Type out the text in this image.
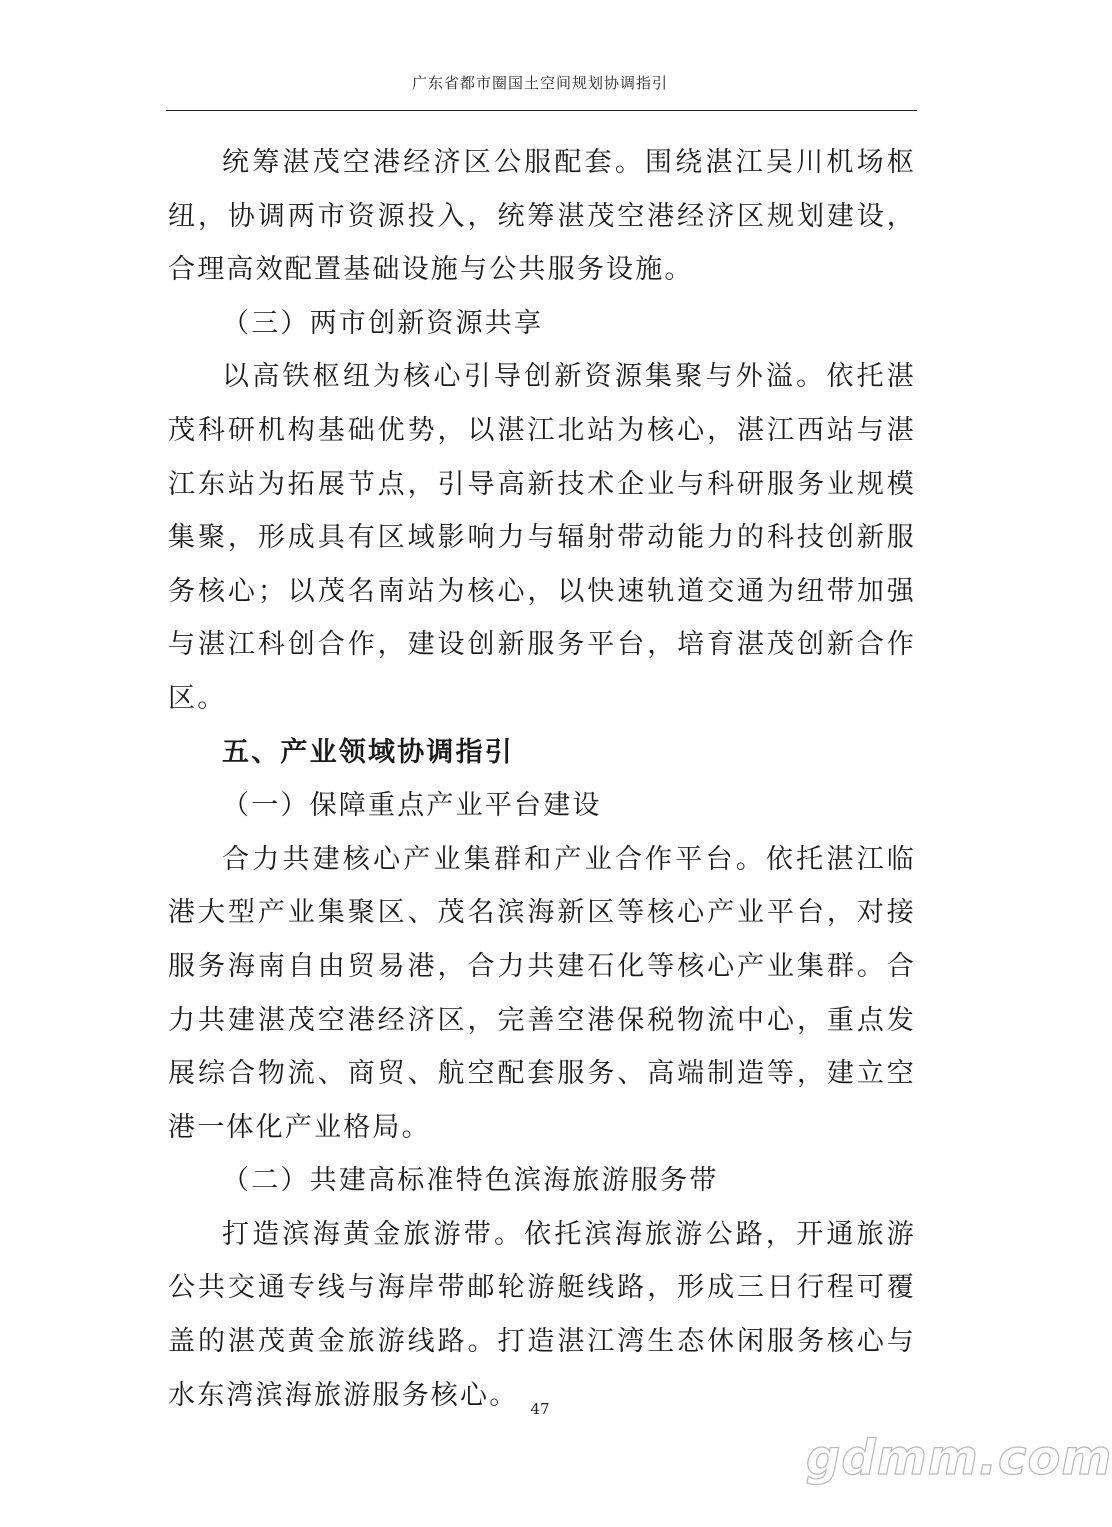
广东省都市圈国土空间规划协调指引

统筹湛茂空港经济区公服配套。围绕湛江吴川机场枢纽，协调两市资源投入，统筹湛茂空港经济区规划建设，合理高效配置基础设施与公共服务设施。

（三）两市创新资源共享

以高铁枢纽为核心引导创新资源集聚与外溢。依托湛茂科研机构基础优势，以湛江北站为核心，湛江西站与湛江东站为拓展节点，引导高新技术企业与科研服务业规模集聚，形成具有区域影响力与辐射带动能力的科技创新服务核心；以茂名南站为核心，以快速轨道交通为纽带加强与湛江科创合作，建设创新服务平台，培育湛茂创新合作区。

五、产业领域协调指引

（一）保障重点产业平台建设

合力共建核心产业集群和产业合作平台。依托湛江临港大型产业集聚区、茂名滨海新区等核心产业平台，对接服务海南自由贸易港，合力共建石化等核心产业集群。合力共建湛茂空港经济区，完善空港保税物流中心，重点发展综合物流、商贸、航空配套服务、高端制造等，建立空港一体化产业格局。

（二）共建高标准特色滨海旅游服务带

打造滨海黄金旅游带。依托滨海旅游公路，开通旅游公共交通专线与海岸带邮轮游艇线路，形成三日行程可覆盖的湛茂黄金旅游线路。打造湛江湾生态休闲服务核心与水东湾滨海旅游服务核心。 47
gdmm.com
